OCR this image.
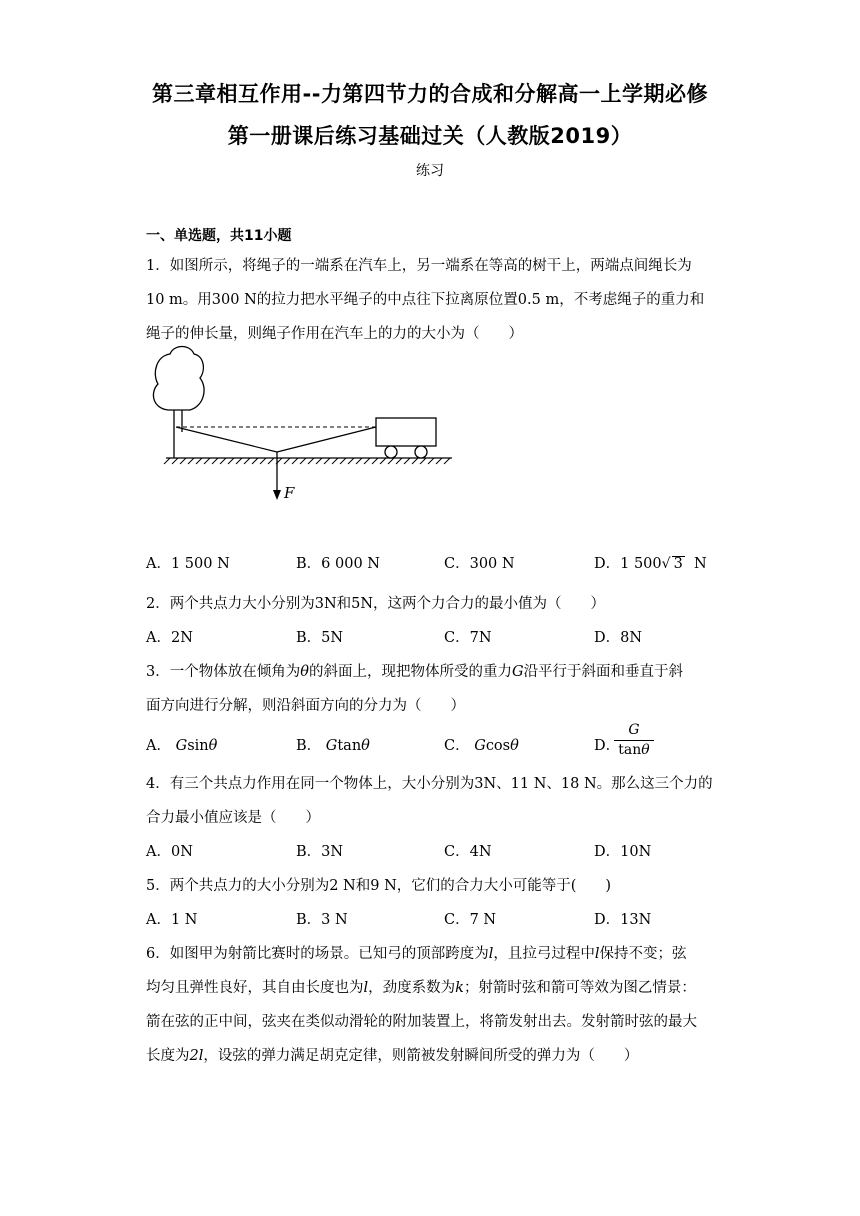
第三章相互作用--力第四节力的合成和分解高一上学期必修
第一册课后练习基础过关（人教版2019）
练习
一、单选题，共11小题
1．如图所示，将绳子的一端系在汽车上，另一端系在等高的树干上，两端点间绳长为
10 m。用300 N的拉力把水平绳子的中点往下拉离原位置0.5 m，不考虑绳子的重力和
绳子的伸长量，则绳子作用在汽车上的力的大小为（　　）
F
A．1 500 N	B．6 000 N	C．300 N	D．1 500√ 3 N
2．两个共点力大小分别为3N和5N，这两个力合力的最小值为（　　）
A．2N	B．5N	C．7N	D．8N
3．一个物体放在倾角为θ的斜面上，现把物体所受的重力G沿平行于斜面和垂直于斜
面方向进行分解，则沿斜面方向的分力为（　　）
A． Gsinθ	B． Gtanθ	C． Gcosθ	D．
G
tanθ
4．有三个共点力作用在同一个物体上，大小分别为3N、11 N、18 N。那么这三个力的
合力最小值应该是（　　）
A．0N	B．3N	C．4N	D．10N
5．两个共点力的大小分别为2 N和9 N，它们的合力大小可能等于(　　)
A．1 N	B．3 N	C．7 N	D．13N
6．如图甲为射箭比赛时的场景。已知弓的顶部跨度为l，且拉弓过程中l保持不变；弦
均匀且弹性良好，其自由长度也为l，劲度系数为k；射箭时弦和箭可等效为图乙情景：
箭在弦的正中间，弦夹在类似动滑轮的附加装置上，将箭发射出去。发射箭时弦的最大
长度为2l，设弦的弹力满足胡克定律，则箭被发射瞬间所受的弹力为（　　）
